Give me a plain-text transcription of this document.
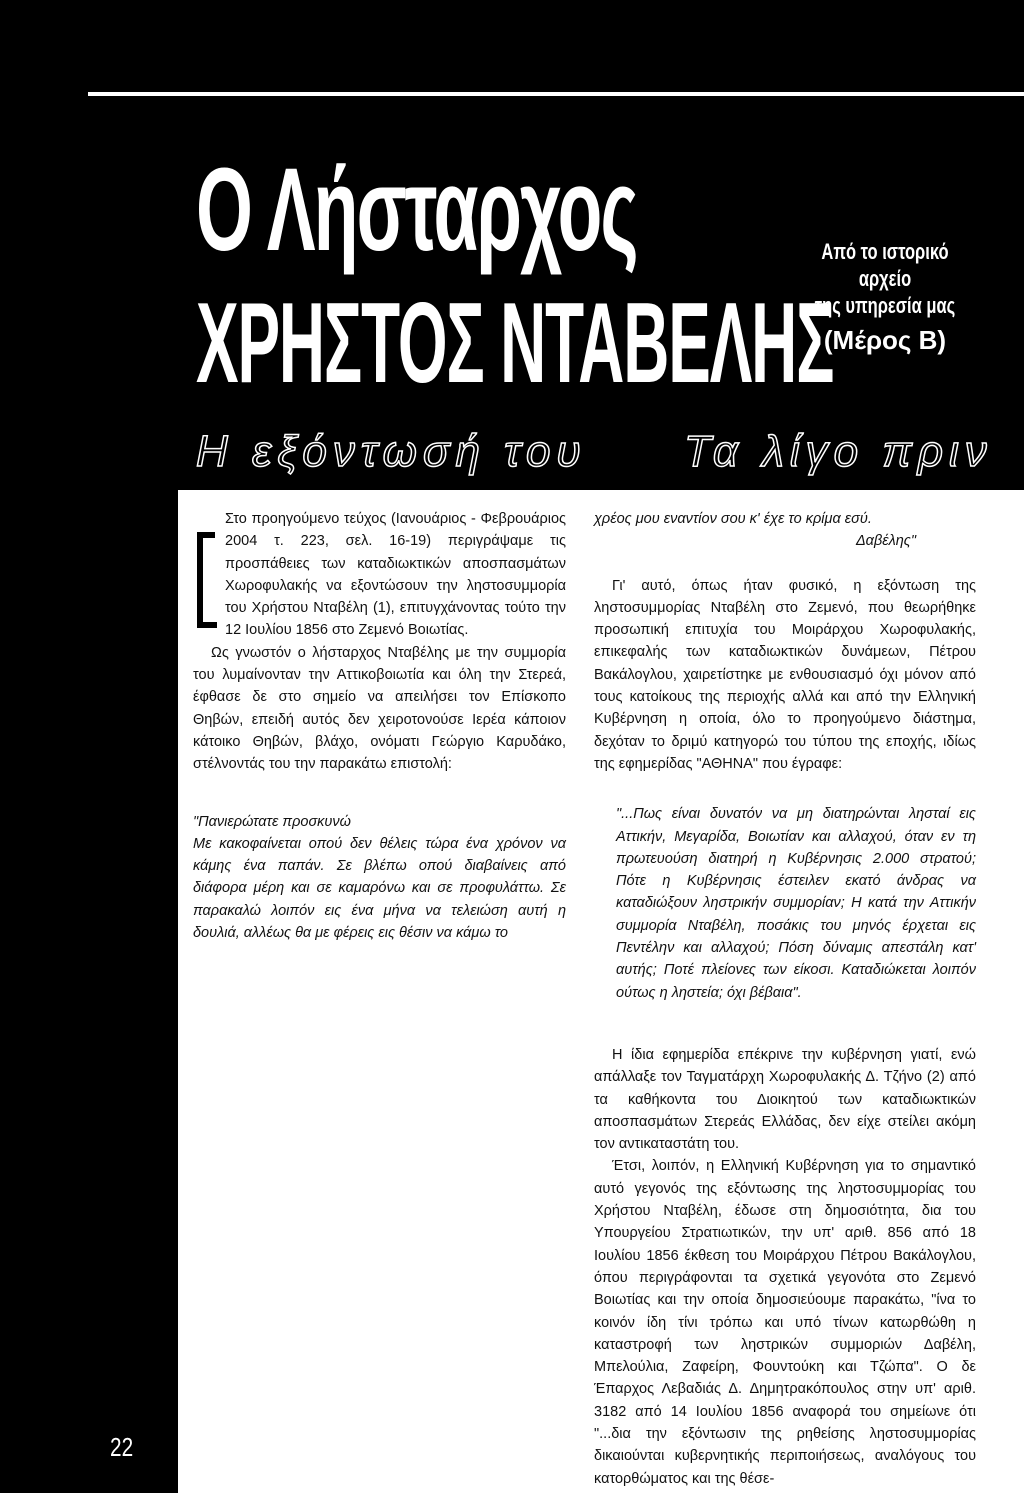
Ο Λήσταρχος
ΧΡΗΣΤΟΣ ΝΤΑΒΕΛΗΣ
Από το ιστορικό
αρχείο
της υπηρεσία μας
(Μέρος Β)
Η εξόντωσή του Τα λίγο πριν

Στο προηγούμενο τεύχος (Ιανουάριος - Φεβρουάριος 2004 τ. 223, σελ. 16-19) περιγράψαμε τις προσπάθειες των καταδιωκτικών αποσπασμάτων Χωροφυλακής να εξοντώσουν την ληστοσυμμορία του Χρήστου Νταβέλη (1), επιτυγχάνοντας τούτο την 12 Ιουλίου 1856 στο Ζεμενό Βοιωτίας.

Ως γνωστόν ο λήσταρχος Νταβέλης με την συμμορία του λυμαίνονταν την Αττικοβοιωτία και όλη την Στερεά, έφθασε δε στο σημείο να απειλήσει τον Επίσκοπο Θηβών, επειδή αυτός δεν χειροτονούσε Ιερέα κάποιον κάτοικο Θηβών, βλάχο, ονόματι Γεώργιο Καρυδάκο, στέλνοντάς του την παρακάτω επιστολή:

"Πανιερώτατε προσκυνώ

Με κακοφαίνεται οπού δεν θέλεις τώρα ένα χρόνον να κάμης ένα παπάν. Σε βλέπω οπού διαβαίνεις από διάφορα μέρη και σε καμαρόνω και σε προφυλάττω. Σε παρακαλώ λοιπόν εις ένα μήνα να τελειώση αυτή η δουλιά, αλλέως θα με φέρεις εις θέσιν να κάμω το

χρέος μου εναντίον σου κ' έχε το κρίμα εσύ.

Δαβέλης"

Γι' αυτό, όπως ήταν φυσικό, η εξόντωση της ληστοσυμμορίας Νταβέλη στο Ζεμενό, που θεωρήθηκε προσωπική επιτυχία του Μοιράρχου Χωροφυλακής, επικεφαλής των καταδιωκτικών δυνάμεων, Πέτρου Βακάλογλου, χαιρετίστηκε με ενθουσιασμό όχι μόνον από τους κατοίκους της περιοχής αλλά και από την Ελληνική Κυβέρνηση η οποία, όλο το προηγούμενο διάστημα, δεχόταν το δριμύ κατηγορώ του τύπου της εποχής, ιδίως της εφημερίδας "ΑΘΗΝΑ" που έγραφε:

"...Πως είναι δυνατόν να μη διατηρώνται λησταί εις Αττικήν, Μεγαρίδα, Βοιωτίαν και αλλαχού, όταν εν τη πρωτευούση διατηρή η Κυβέρνησις 2.000 στρατού; Πότε η Κυβέρνησις έστειλεν εκατό άνδρας να καταδιώξουν ληστρικήν συμμορίαν; Η κατά την Αττικήν συμμορία Νταβέλη, ποσάκις του μηνός έρχεται εις Πεντέλην και αλλαχού; Πόση δύναμις απεστάλη κατ' αυτής; Ποτέ πλείονες των είκοσι. Καταδιώκεται λοιπόν ούτως η ληστεία; όχι βέβαια".

Η ίδια εφημερίδα επέκρινε την κυβέρνηση γιατί, ενώ απάλλαξε τον Ταγματάρχη Χωροφυλακής Δ. Τζήνο (2) από τα καθήκοντα του Διοικητού των καταδιωκτικών αποσπασμάτων Στερεάς Ελλάδας, δεν είχε στείλει ακόμη τον αντικαταστάτη του.

Έτσι, λοιπόν, η Ελληνική Κυβέρνηση για το σημαντικό αυτό γεγονός της εξόντωσης της ληστοσυμμορίας του Χρήστου Νταβέλη, έδωσε στη δημοσιότητα, δια του Υπουργείου Στρατιωτικών, την υπ' αριθ. 856 από 18 Ιουλίου 1856 έκθεση του Μοιράρχου Πέτρου Βακάλογλου, όπου περιγράφονται τα σχετικά γεγονότα στο Ζεμενό Βοιωτίας και την οποία δημοσιεύουμε παρακάτω, "ίνα το κοινόν ίδη τίνι τρόπω και υπό τίνων κατωρθώθη η καταστροφή των ληστρικών συμμοριών Δαβέλη, Μπελούλια, Ζαφείρη, Φουντούκη και Τζώπα". Ο δε Έπαρχος Λεβαδιάς Δ. Δημητρακόπουλος στην υπ' αριθ. 3182 από 14 Ιουλίου 1856 αναφορά του σημείωνε ότι "...δια την εξόντωσιν της ρηθείσης ληστοσυμμορίας δικαιούνται κυβερνητικής περιποιήσεως, αναλόγους του κατορθώματος και της θέσε-

22
